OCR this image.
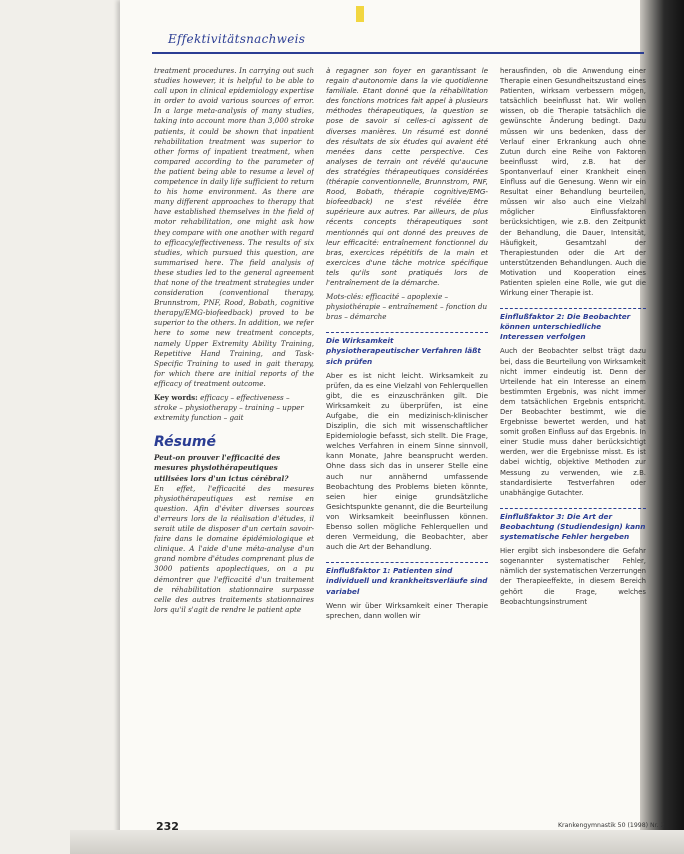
Effektivitätsnachweis

treatment procedures. In carrying out such studies however, it is helpful to be able to call upon in clinical epidemiology expertise in order to avoid various sources of error. In a large meta-analysis of many studies, taking into account more than 3,000 stroke patients, it could be shown that inpatient rehabilitation treatment was superior to other forms of inpatient treatment, when compared according to the parameter of the patient being able to resume a level of competence in daily life sufficient to return to his home environment. As there are many different approaches to therapy that have established themselves in the field of motor rehabilitation, one might ask how they compare with one another with regard to efficacy/effectiveness. The results of six studies, which pursued this question, are summarised here. The field analysis of these studies led to the general agreement that none of the treatment strategies under consideration (conventional therapy, Brunnstrom, PNF, Rood, Bobath, cognitive therapy/EMG-biofeedback) proved to be superior to the others. In addition, we refer here to some new treatment concepts, namely Upper Extremity Ability Training, Repetitive Hand Training, and Task-Specific Training to used in gait therapy, for which there are initial reports of the efficacy of treatment outcome.

Key words: efficacy – effectiveness – stroke – physiotherapy – training – upper extremity function – gait

Résumé

Peut-on prouver l'efficacité des mesures physiothérapeutiques utilisées lors d'un ictus cérébral?

En effet, l'efficacité des mesures physiothérapeutiques est remise en question. Afin d'éviter diverses sources d'erreurs lors de la réalisation d'études, il serait utile de disposer d'un certain savoir-faire dans le domaine épidémiologique et clinique. A l'aide d'une méta-analyse d'un grand nombre d'études comprenant plus de 3000 patients apoplectiques, on a pu démontrer que l'efficacité d'un traitement de réhabilitation stationnaire surpasse celle des autres traitements stationnaires lors qu'il s'agit de rendre le patient apte

à regagner son foyer en garantissant le regain d'autonomie dans la vie quotidienne familiale. Etant donné que la réhabilitation des fonctions motrices fait appel à plusieurs méthodes thérapeutiques, la question se pose de savoir si celles-ci agissent de diverses manières. Un résumé est donné des résultats de six études qui avaient été menées dans cette perspective. Ces analyses de terrain ont révélé qu'aucune des stratégies thérapeutiques considérées (thérapie conventionnelle, Brunnstrom, PNF, Rood, Bobath, thérapie cognitive/EMG-biofeedback) ne s'est révélée être supérieure aux autres. Par ailleurs, de plus récents concepts thérapeutiques sont mentionnés qui ont donné des preuves de leur efficacité: entraînement fonctionnel du bras, exercices répétitifs de la main et exercices d'une tâche motrice spécifique tels qu'ils sont pratiqués lors de l'entraînement de la démarche.

Mots-clés: efficacité – apoplexie – physiothérapie – entraînement – fonction du bras – démarche

Die Wirksamkeit physiotherapeutischer Verfahren läßt sich prüfen

Aber es ist nicht leicht. Wirksamkeit zu prüfen, da es eine Vielzahl von Fehlerquellen gibt, die es einzuschränken gilt. Die Wirksamkeit zu überprüfen, ist eine Aufgabe, die ein medizinisch-klinischer Disziplin, die sich mit wissenschaftlicher Epidemiologie befasst, sich stellt. Die Frage, welches Verfahren in einem Sinne sinnvoll, kann Monate, Jahre beansprucht werden. Ohne dass sich das in unserer Stelle eine auch nur annähernd umfassende Beobachtung des Problems bieten könnte, seien hier einige grundsätzliche Gesichtspunkte genannt, die die Beurteilung von Wirksamkeit beeinflussen können. Ebenso sollen mögliche Fehlerquellen und deren Vermeidung, die Beobachter, aber auch die Art der Behandlung.

Einflußfaktor 1: Patienten sind individuell und krankheitsverläufe sind variabel

Wenn wir über Wirksamkeit einer Therapie sprechen, dann wollen wir

herausfinden, ob die Anwendung einer Therapie einen Gesundheitszustand eines Patienten, wirksam verbessern mögen, tatsächlich beeinflusst hat. Wir wollen wissen, ob die Therapie tatsächlich die gewünschte Änderung bedingt. Dazu müssen wir uns bedenken, dass der Verlauf einer Erkrankung auch ohne Zutun durch eine Reihe von Faktoren beeinflusst wird, z.B. hat der Spontanverlauf einer Krankheit einen Einfluss auf die Genesung. Wenn wir ein Resultat einer Behandlung beurteilen, müssen wir also auch eine Vielzahl möglicher Einflussfaktoren berücksichtigen, wie z.B. den Zeitpunkt der Behandlung, die Dauer, Intensität, Häufigkeit, Gesamtzahl der Therapiestunden oder die Art der unterstützenden Behandlungen. Auch die Motivation und Kooperation eines Patienten spielen eine Rolle, wie gut die Wirkung einer Therapie ist.

Einflußfaktor 2: Die Beobachter können unterschiedliche Interessen verfolgen

Auch der Beobachter selbst trägt dazu bei, dass die Beurteilung von Wirksamkeit nicht immer eindeutig ist. Denn der Urteilende hat ein Interesse an einem bestimmten Ergebnis, was nicht immer dem tatsächlichen Ergebnis entspricht. Der Beobachter bestimmt, wie die Ergebnisse bewertet werden, und hat somit großen Einfluss auf das Ergebnis. In einer Studie muss daher berücksichtigt werden, wer die Ergebnisse misst. Es ist dabei wichtig, objektive Methoden zur Messung zu verwenden, wie z.B. standardisierte Testverfahren oder unabhängige Gutachter.

Einflußfaktor 3: Die Art der Beobachtung (Studiendesign) kann systematische Fehler hergeben

Hier ergibt sich insbesondere die Gefahr sogenannter systematischer Fehler, nämlich der systematischen Verzerrungen der Therapieeffekte, in diesem Bereich gehört die Frage, welches Beobachtungsinstrument

232	Krankengymnastik 50 (1998) Nr. 2
